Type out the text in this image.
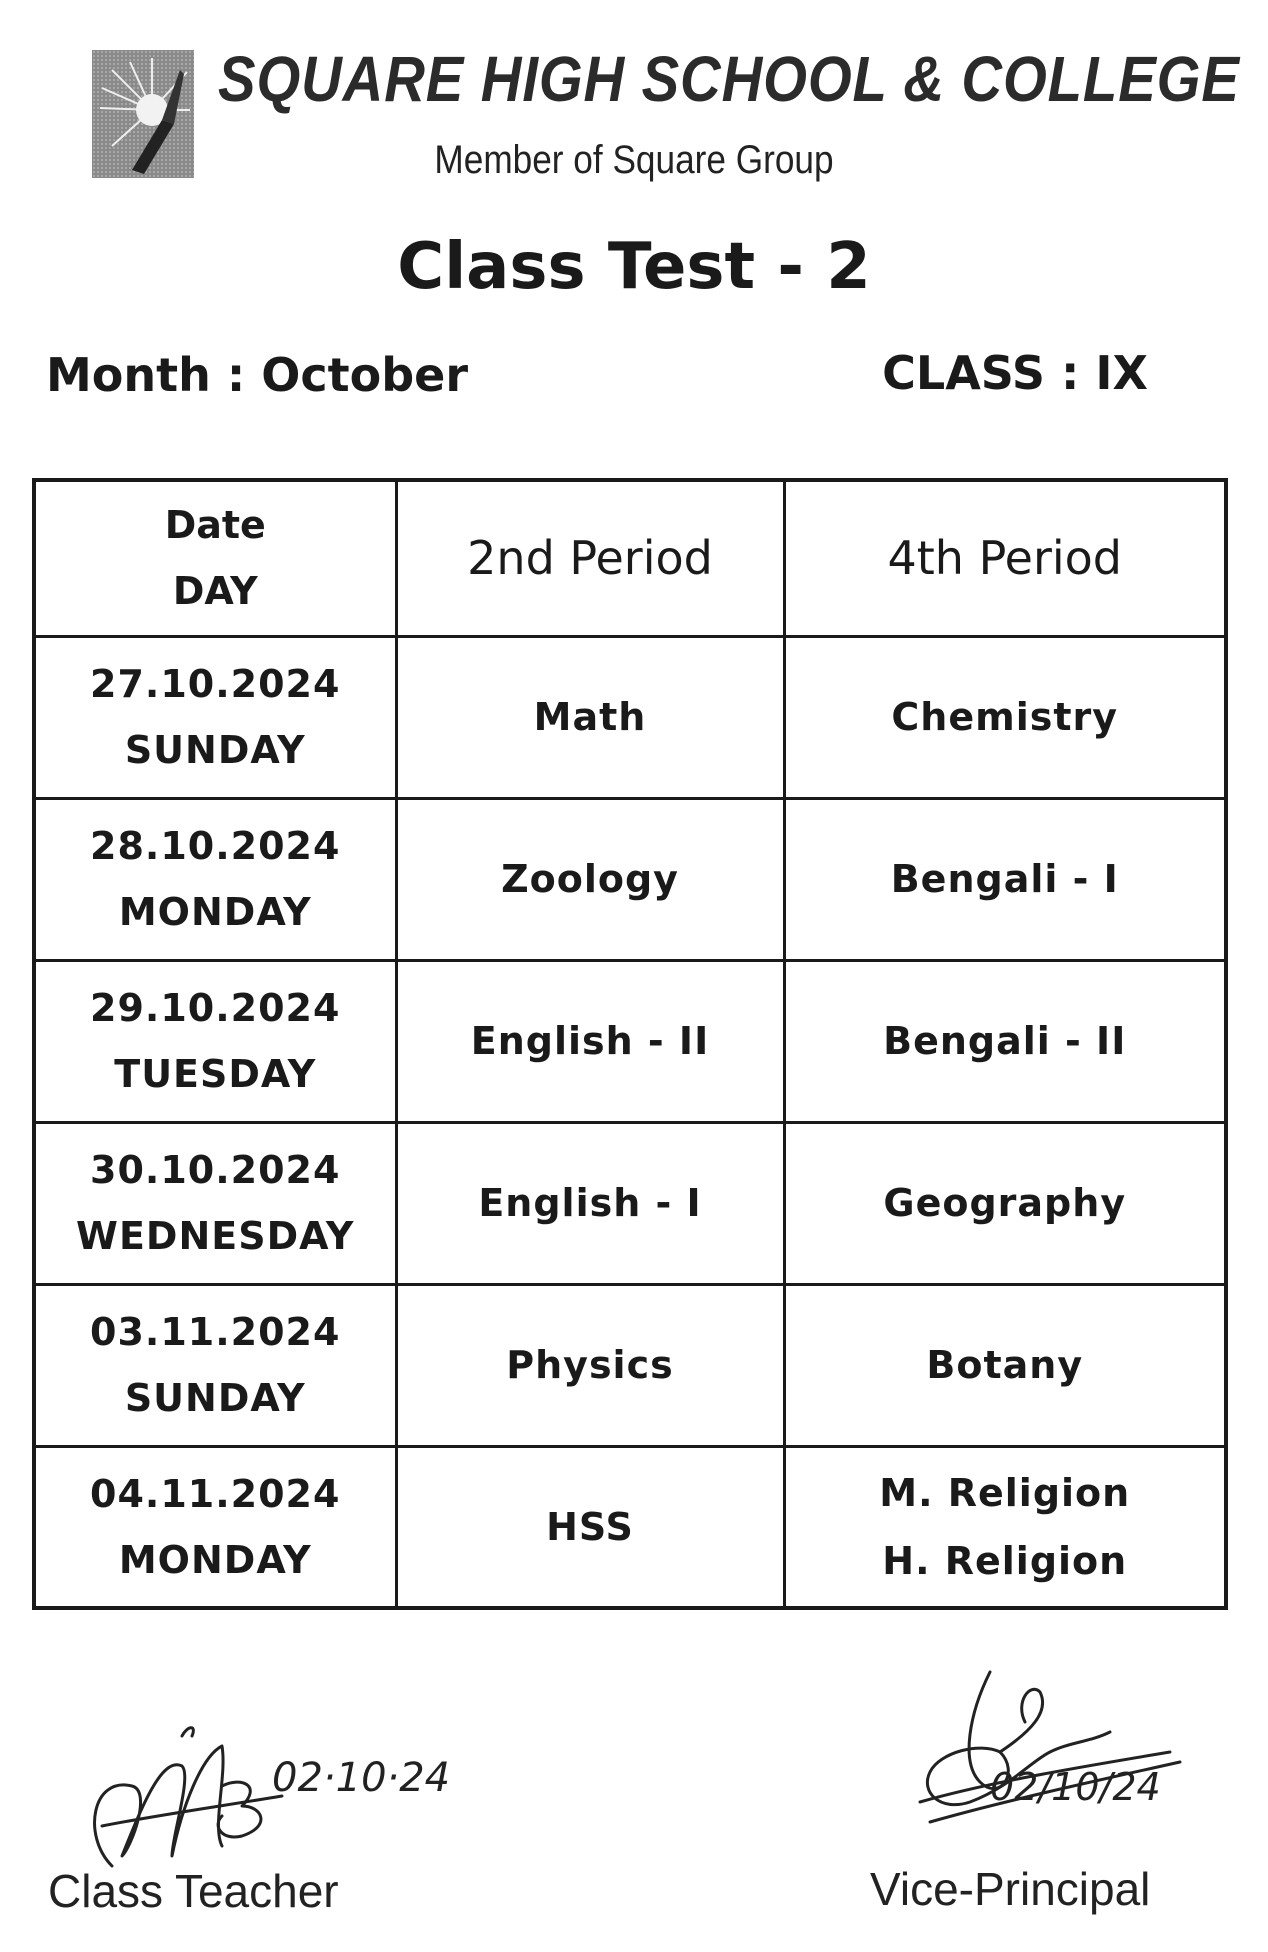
SQUARE HIGH SCHOOL & COLLEGE
Member of Square Group
Class Test - 2
Month : October	CLASS : IX
Date
DAY	2nd Period	4th Period

27.10.2024
SUNDAY	Math	Chemistry

28.10.2024
MONDAY	Zoology	Bengali - I

29.10.2024
TUESDAY	English - II	Bengali - II

30.10.2024
WEDNESDAY	English - I	Geography

03.11.2024
SUNDAY	Physics	Botany

04.11.2024
MONDAY	HSS	M. Religion
H. Religion
02·10·24
Class Teacher
02/10/24
Vice-Principal
